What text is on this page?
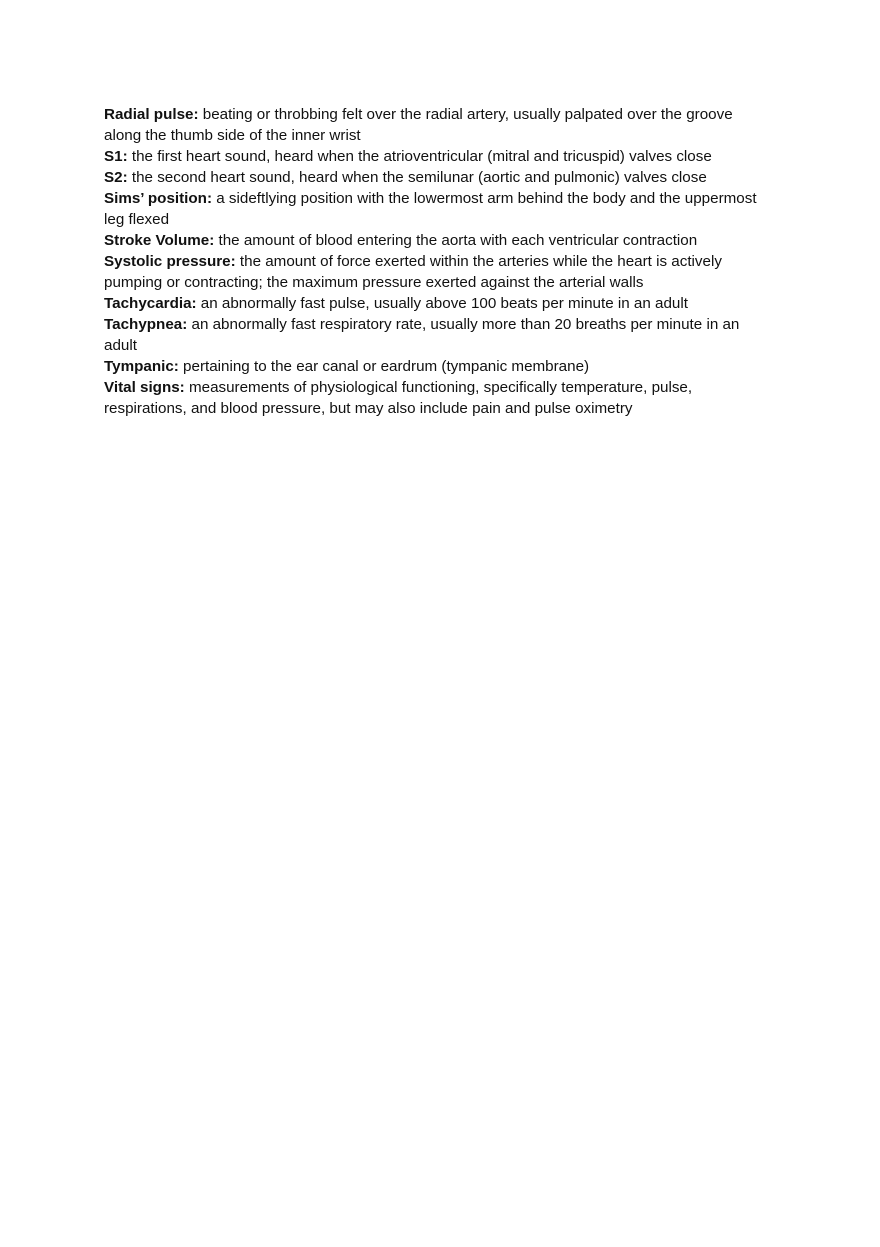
Radial pulse: beating or throbbing felt over the radial artery, usually palpated over the groove along the thumb side of the inner wrist

S1: the first heart sound, heard when the atrioventricular (mitral and tricuspid) valves close

S2: the second heart sound, heard when the semilunar (aortic and pulmonic) valves close

Sims’ position: a sideftlying position with the lowermost arm behind the body and the uppermost leg flexed

Stroke Volume: the amount of blood entering the aorta with each ventricular contraction

Systolic pressure: the amount of force exerted within the arteries while the heart is actively pumping or contracting; the maximum pressure exerted against the arterial walls

Tachycardia: an abnormally fast pulse, usually above 100 beats per minute in an adult

Tachypnea: an abnormally fast respiratory rate, usually more than 20 breaths per minute in an adult

Tympanic: pertaining to the ear canal or eardrum (tympanic membrane)

Vital signs: measurements of physiological functioning, specifically temperature, pulse, respirations, and blood pressure, but may also include pain and pulse oximetry
